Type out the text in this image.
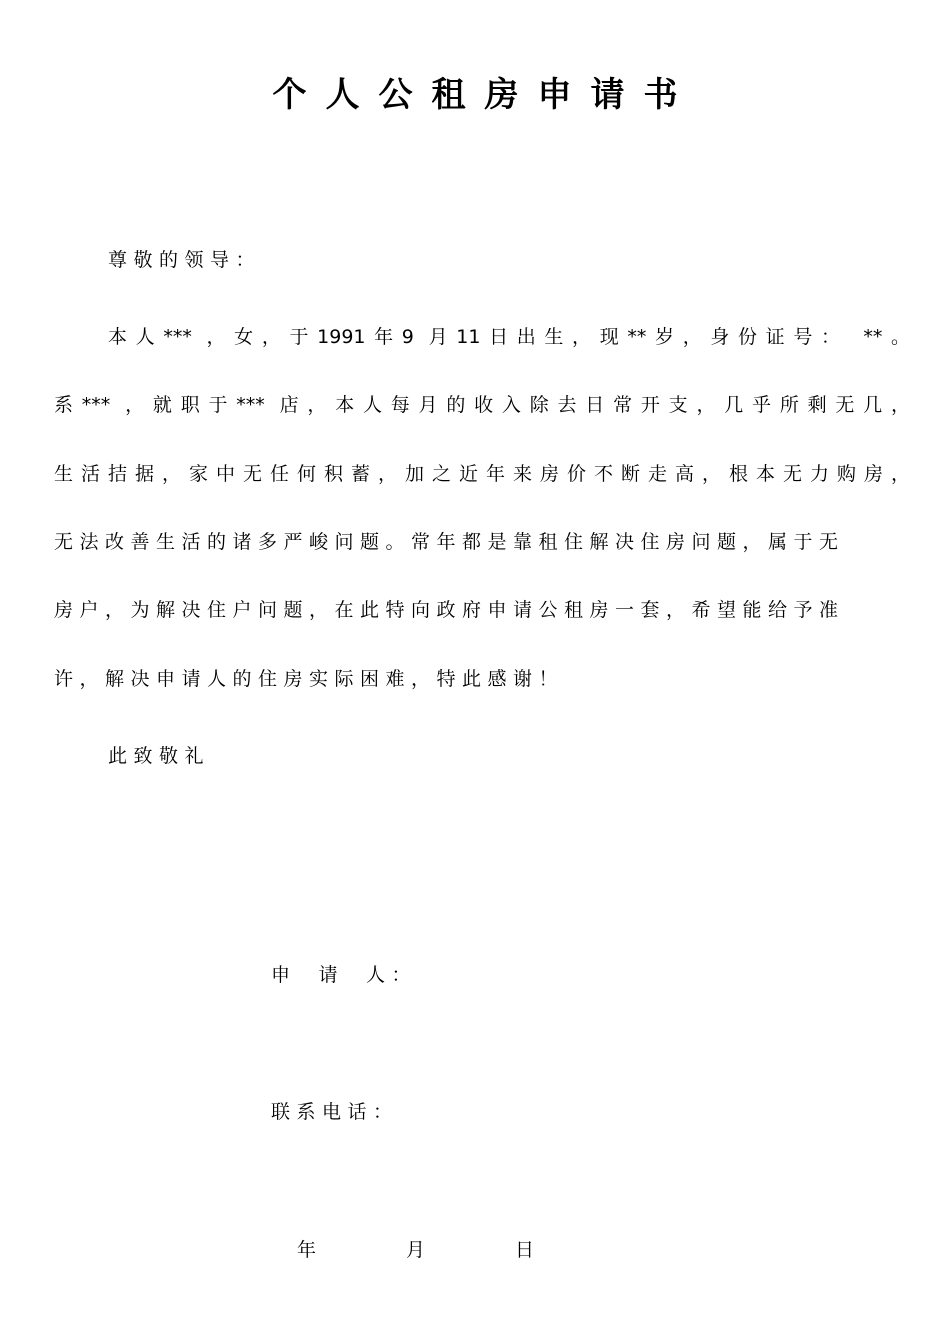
个人公租房申请书
尊敬的领导：
本人*** ，女，于1991年9 月11日出生，现**岁，身份证号： **。
系*** ，就职于*** 店，本人每月的收入除去日常开支，几乎所剩无几，
生活拮据，家中无任何积蓄，加之近年来房价不断走高，根本无力购房，
无法改善生活的诸多严峻问题。常年都是靠租住解决住房问题，属于无
房户，为解决住户问题，在此特向政府申请公租房一套，希望能给予准
许，解决申请人的住房实际困难，特此感谢！
此致敬礼
申 请 人：
联系电话：
年	月	日
